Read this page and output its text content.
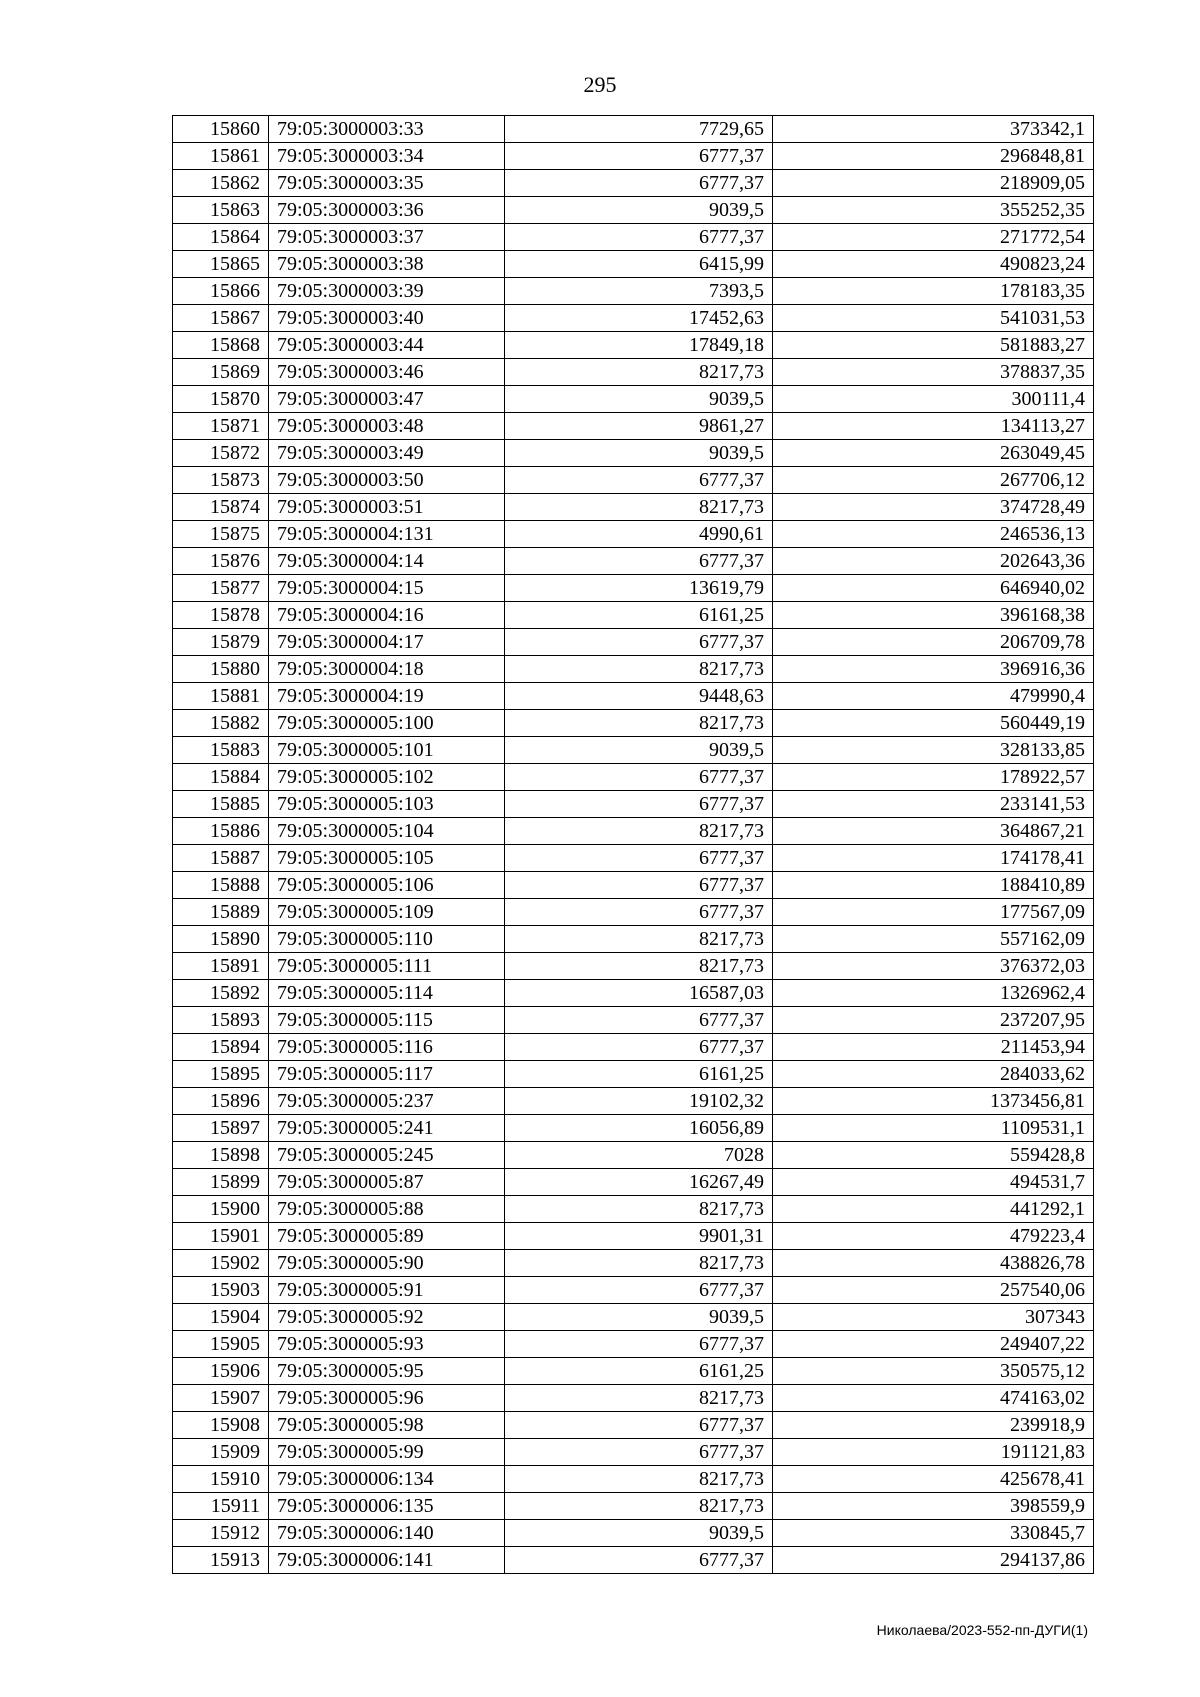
295
15860	79:05:3000003:33	7729,65	373342,1
15861	79:05:3000003:34	6777,37	296848,81
15862	79:05:3000003:35	6777,37	218909,05
15863	79:05:3000003:36	9039,5	355252,35
15864	79:05:3000003:37	6777,37	271772,54
15865	79:05:3000003:38	6415,99	490823,24
15866	79:05:3000003:39	7393,5	178183,35
15867	79:05:3000003:40	17452,63	541031,53
15868	79:05:3000003:44	17849,18	581883,27
15869	79:05:3000003:46	8217,73	378837,35
15870	79:05:3000003:47	9039,5	300111,4
15871	79:05:3000003:48	9861,27	134113,27
15872	79:05:3000003:49	9039,5	263049,45
15873	79:05:3000003:50	6777,37	267706,12
15874	79:05:3000003:51	8217,73	374728,49
15875	79:05:3000004:131	4990,61	246536,13
15876	79:05:3000004:14	6777,37	202643,36
15877	79:05:3000004:15	13619,79	646940,02
15878	79:05:3000004:16	6161,25	396168,38
15879	79:05:3000004:17	6777,37	206709,78
15880	79:05:3000004:18	8217,73	396916,36
15881	79:05:3000004:19	9448,63	479990,4
15882	79:05:3000005:100	8217,73	560449,19
15883	79:05:3000005:101	9039,5	328133,85
15884	79:05:3000005:102	6777,37	178922,57
15885	79:05:3000005:103	6777,37	233141,53
15886	79:05:3000005:104	8217,73	364867,21
15887	79:05:3000005:105	6777,37	174178,41
15888	79:05:3000005:106	6777,37	188410,89
15889	79:05:3000005:109	6777,37	177567,09
15890	79:05:3000005:110	8217,73	557162,09
15891	79:05:3000005:111	8217,73	376372,03
15892	79:05:3000005:114	16587,03	1326962,4
15893	79:05:3000005:115	6777,37	237207,95
15894	79:05:3000005:116	6777,37	211453,94
15895	79:05:3000005:117	6161,25	284033,62
15896	79:05:3000005:237	19102,32	1373456,81
15897	79:05:3000005:241	16056,89	1109531,1
15898	79:05:3000005:245	7028	559428,8
15899	79:05:3000005:87	16267,49	494531,7
15900	79:05:3000005:88	8217,73	441292,1
15901	79:05:3000005:89	9901,31	479223,4
15902	79:05:3000005:90	8217,73	438826,78
15903	79:05:3000005:91	6777,37	257540,06
15904	79:05:3000005:92	9039,5	307343
15905	79:05:3000005:93	6777,37	249407,22
15906	79:05:3000005:95	6161,25	350575,12
15907	79:05:3000005:96	8217,73	474163,02
15908	79:05:3000005:98	6777,37	239918,9
15909	79:05:3000005:99	6777,37	191121,83
15910	79:05:3000006:134	8217,73	425678,41
15911	79:05:3000006:135	8217,73	398559,9
15912	79:05:3000006:140	9039,5	330845,7
15913	79:05:3000006:141	6777,37	294137,86
Николаева/2023-552-пп-ДУГИ(1)
